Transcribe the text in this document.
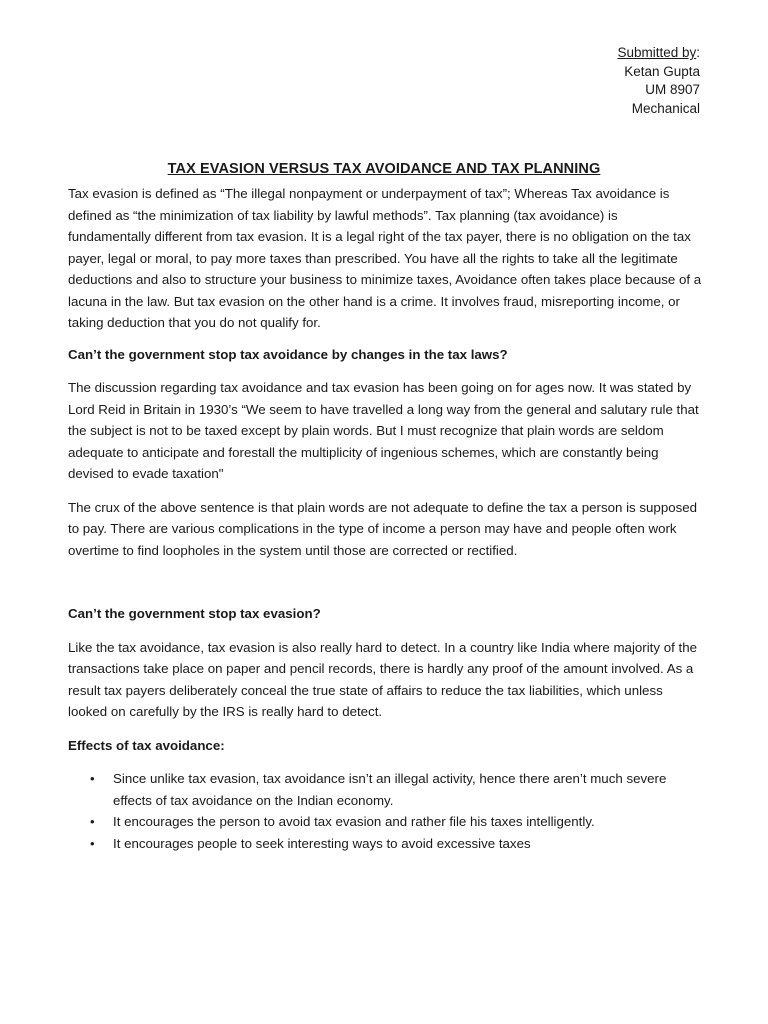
Submitted by:
Ketan Gupta
UM 8907
Mechanical
TAX EVASION VERSUS TAX AVOIDANCE AND TAX PLANNING

Tax evasion is defined as “The illegal nonpayment or underpayment of tax”; Whereas Tax avoidance is defined as “the minimization of tax liability by lawful methods”. Tax planning (tax avoidance) is fundamentally different from tax evasion. It is a legal right of the tax payer, there is no obligation on the tax payer, legal or moral, to pay more taxes than prescribed. You have all the rights to take all the legitimate deductions and also to structure your business to minimize taxes, Avoidance often takes place because of a lacuna in the law. But tax evasion on the other hand is a crime. It involves fraud, misreporting income, or taking deduction that you do not qualify for.

Can’t the government stop tax avoidance by changes in the tax laws?

The discussion regarding tax avoidance and tax evasion has been going on for ages now. It was stated by Lord Reid in Britain in 1930’s “We seem to have travelled a long way from the general and salutary rule that the subject is not to be taxed except by plain words. But I must recognize that plain words are seldom adequate to anticipate and forestall the multiplicity of ingenious schemes, which are constantly being devised to evade taxation"

The crux of the above sentence is that plain words are not adequate to define the tax a person is supposed to pay. There are various complications in the type of income a person may have and people often work overtime to find loopholes in the system until those are corrected or rectified.

Can’t the government stop tax evasion?

Like the tax avoidance, tax evasion is also really hard to detect. In a country like India where majority of the transactions take place on paper and pencil records, there is hardly any proof of the amount involved. As a result tax payers deliberately conceal the true state of affairs to reduce the tax liabilities, which unless looked on carefully by the IRS is really hard to detect.

Effects of tax avoidance:

• Since unlike tax evasion, tax avoidance isn’t an illegal activity, hence there aren’t much severe effects of tax avoidance on the Indian economy.
• It encourages the person to avoid tax evasion and rather file his taxes intelligently.
• It encourages people to seek interesting ways to avoid excessive taxes
